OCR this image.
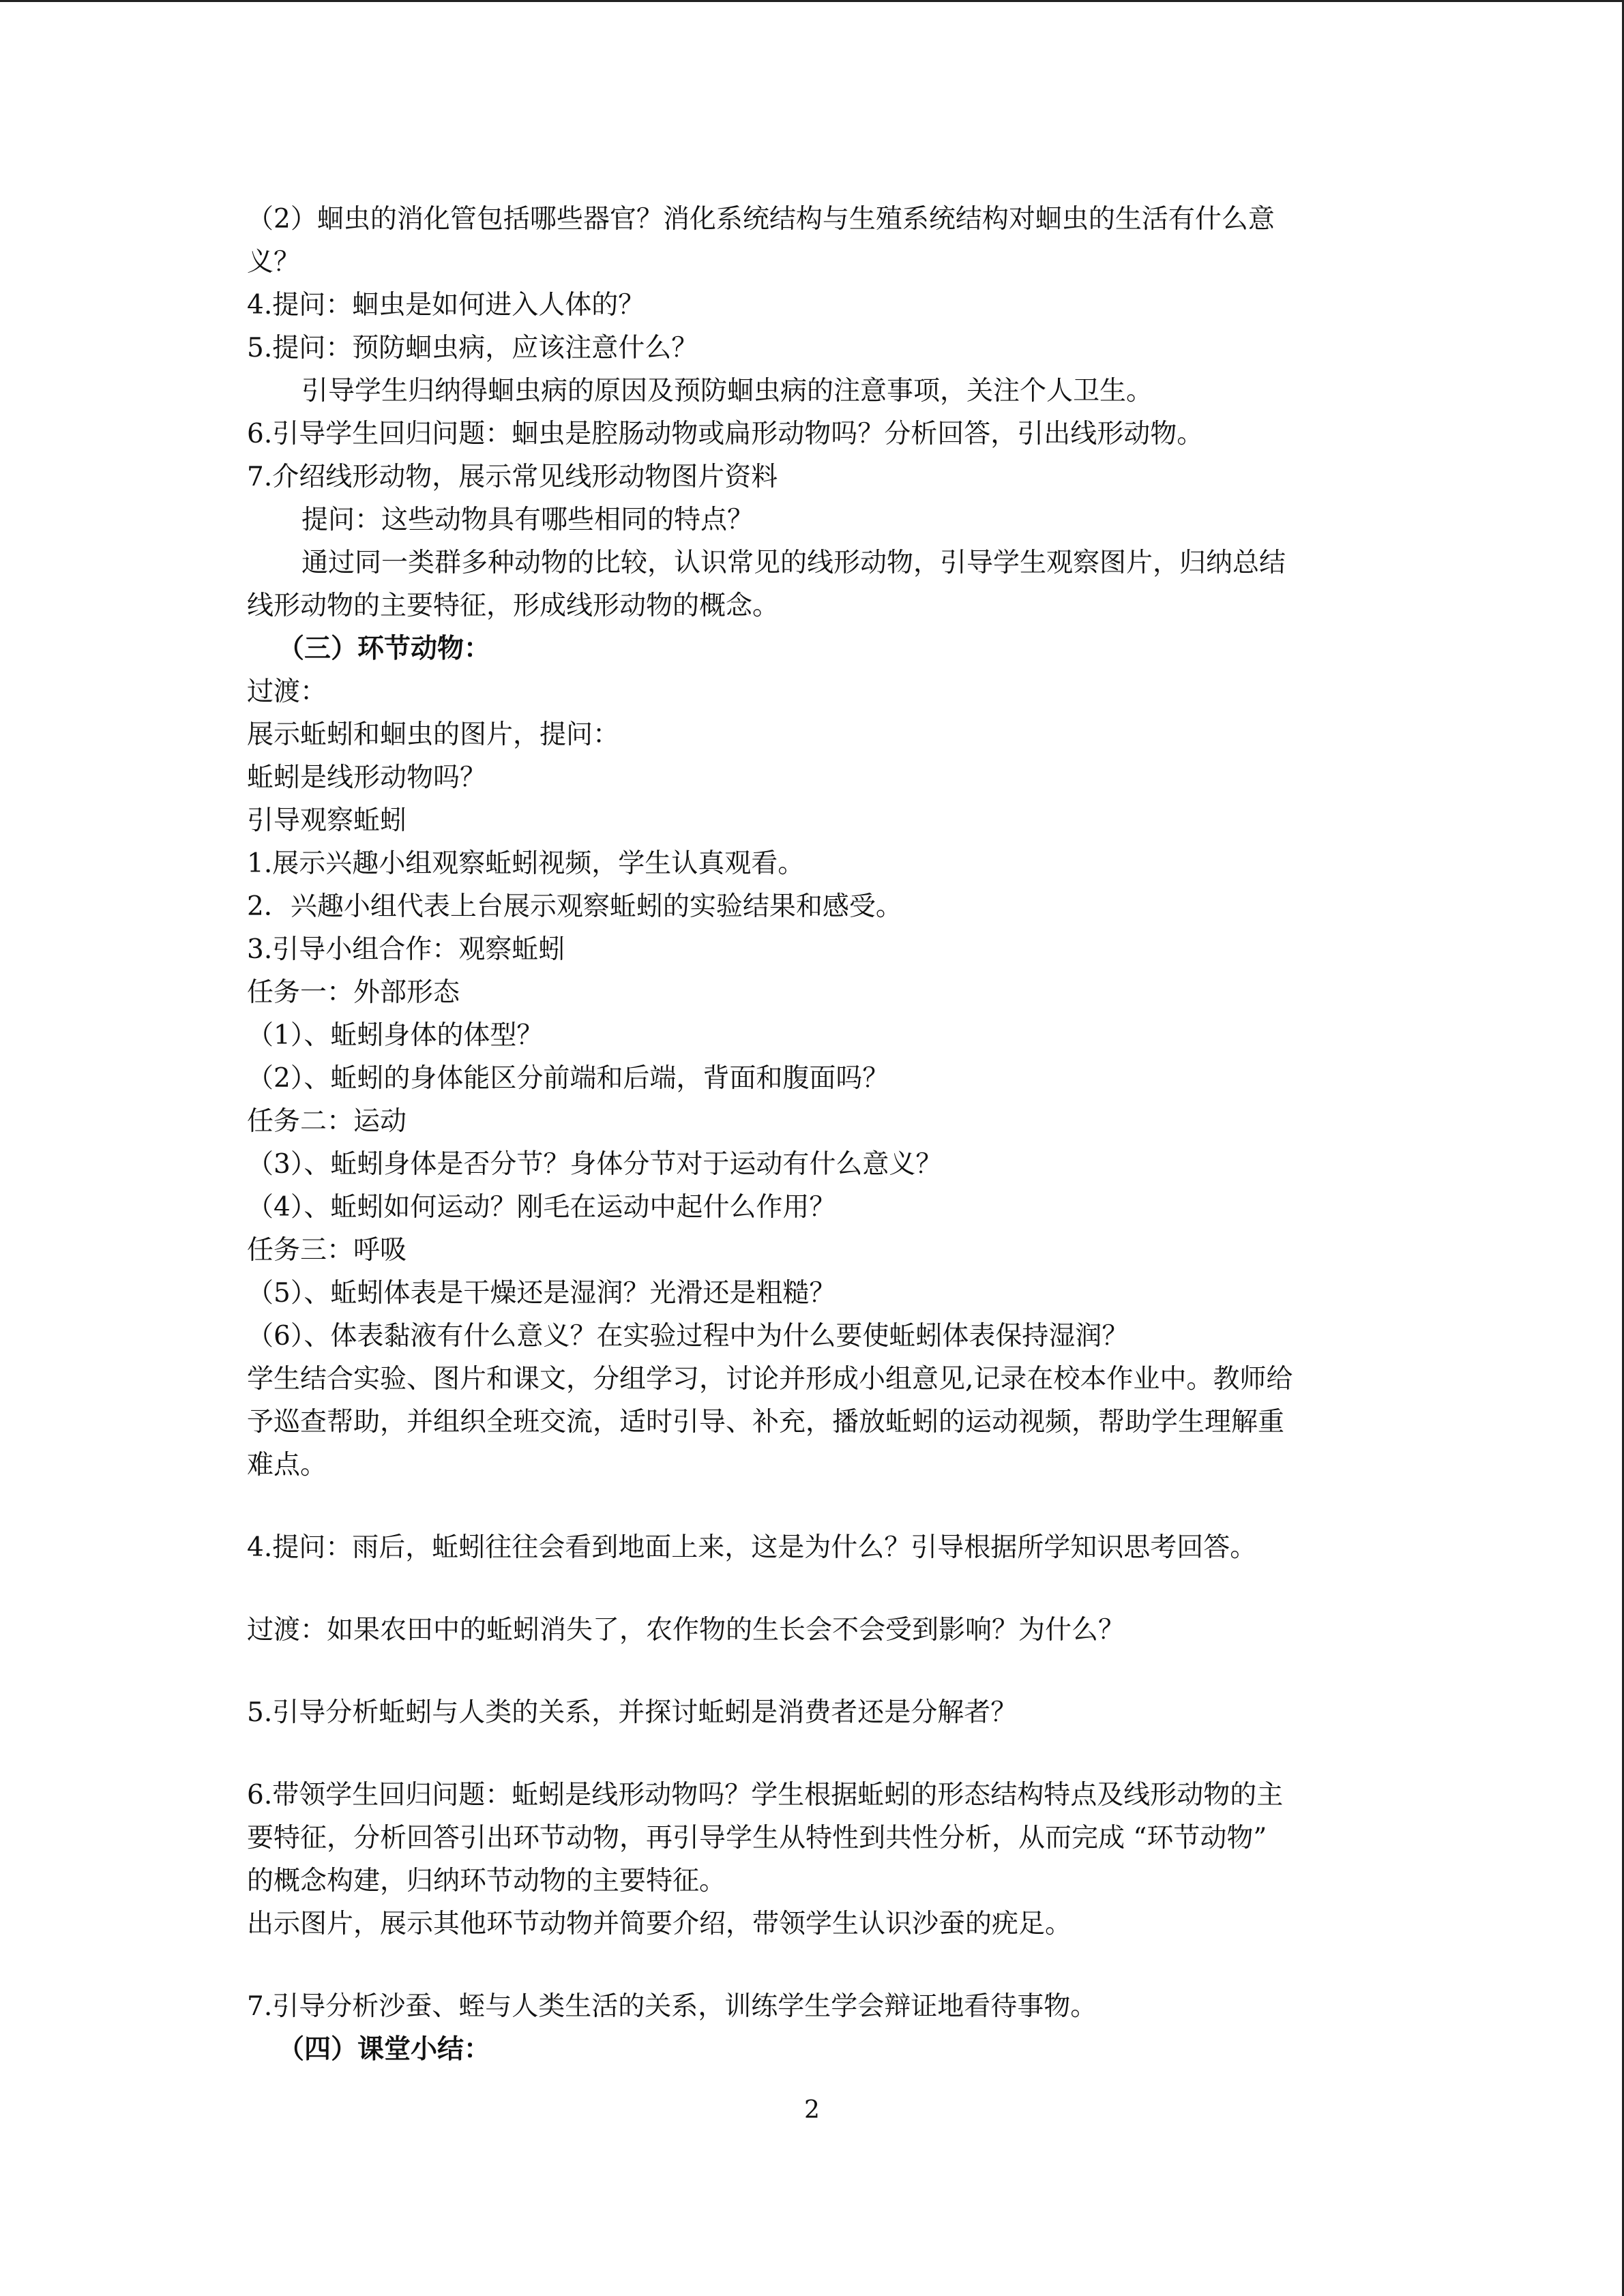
（2）蛔虫的消化管包括哪些器官？消化系统结构与生殖系统结构对蛔虫的生活有什么意
义？
4.提问：蛔虫是如何进入人体的？
5.提问：预防蛔虫病，应该注意什么？
引导学生归纳得蛔虫病的原因及预防蛔虫病的注意事项，关注个人卫生。
6.引导学生回归问题：蛔虫是腔肠动物或扁形动物吗？分析回答，引出线形动物。
7.介绍线形动物，展示常见线形动物图片资料
提问：这些动物具有哪些相同的特点？
通过同一类群多种动物的比较，认识常见的线形动物，引导学生观察图片，归纳总结
线形动物的主要特征，形成线形动物的概念。
（三）环节动物：
过渡：
展示蚯蚓和蛔虫的图片，提问：
蚯蚓是线形动物吗？
引导观察蚯蚓
1.展示兴趣小组观察蚯蚓视频，学生认真观看。
2．兴趣小组代表上台展示观察蚯蚓的实验结果和感受。
3.引导小组合作：观察蚯蚓
任务一：外部形态
（1）、蚯蚓身体的体型？
（2）、蚯蚓的身体能区分前端和后端，背面和腹面吗？
任务二：运动
（3）、蚯蚓身体是否分节？身体分节对于运动有什么意义？
（4）、蚯蚓如何运动？刚毛在运动中起什么作用？
任务三：呼吸
（5）、蚯蚓体表是干燥还是湿润？光滑还是粗糙？
（6）、体表黏液有什么意义？在实验过程中为什么要使蚯蚓体表保持湿润？
学生结合实验、图片和课文，分组学习，讨论并形成小组意见,记录在校本作业中。教师给
予巡查帮助，并组织全班交流，适时引导、补充，播放蚯蚓的运动视频，帮助学生理解重
难点。
4.提问：雨后，蚯蚓往往会看到地面上来，这是为什么？引导根据所学知识思考回答。
过渡：如果农田中的蚯蚓消失了，农作物的生长会不会受到影响？为什么？
5.引导分析蚯蚓与人类的关系，并探讨蚯蚓是消费者还是分解者？
6.带领学生回归问题：蚯蚓是线形动物吗？学生根据蚯蚓的形态结构特点及线形动物的主
要特征，分析回答引出环节动物，再引导学生从特性到共性分析，从而完成 “环节动物”
的概念构建，归纳环节动物的主要特征。
出示图片，展示其他环节动物并简要介绍，带领学生认识沙蚕的疣足。
7.引导分析沙蚕、蛭与人类生活的关系，训练学生学会辩证地看待事物。
（四）课堂小结：
2
